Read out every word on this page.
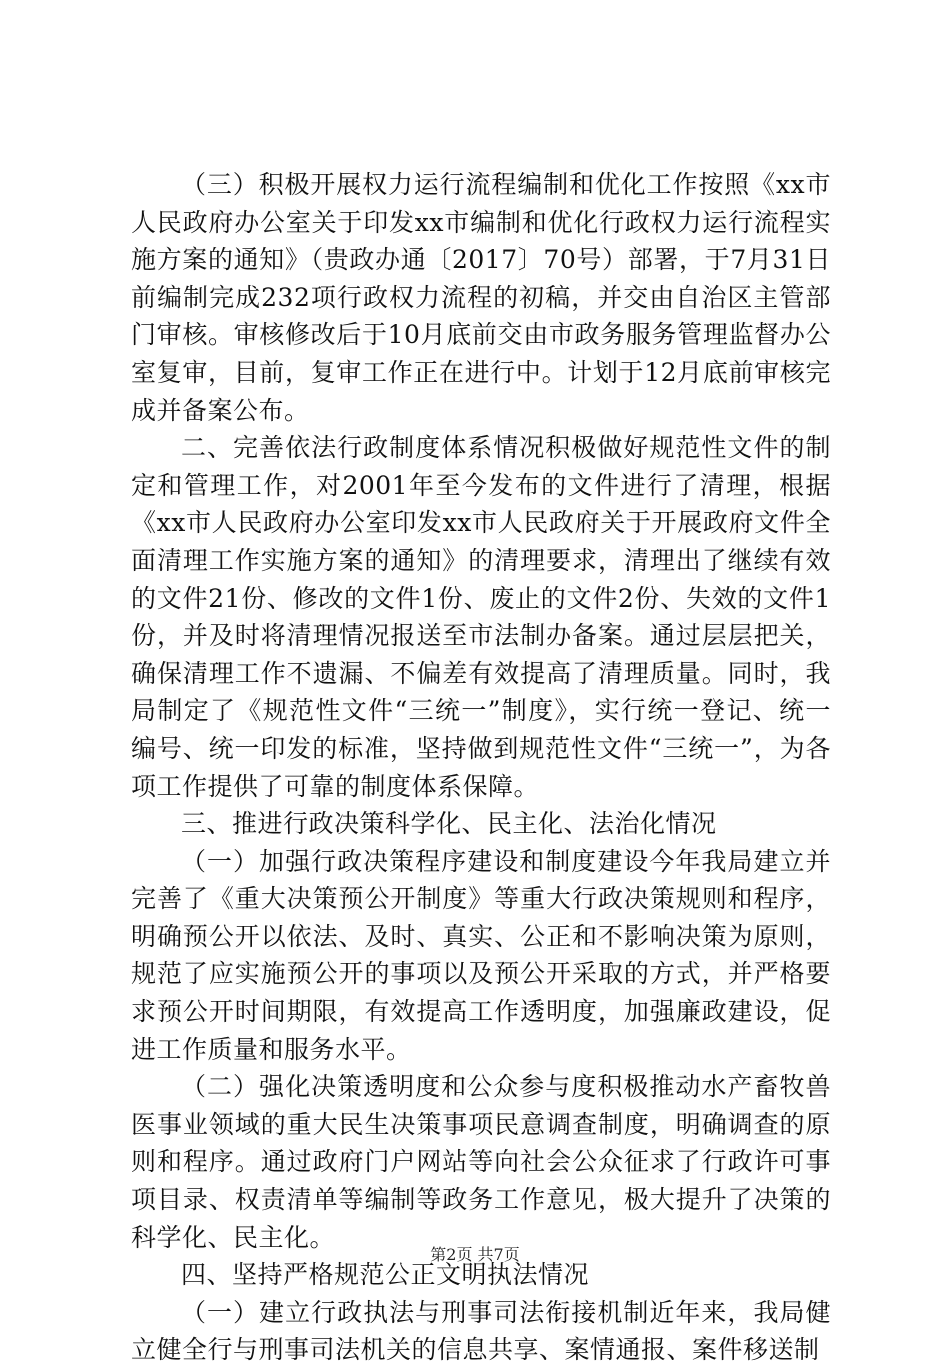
（三）积极开展权力运行流程编制和优化工作按照《xx市人民政府办公室关于印发xx市编制和优化行政权力运行流程实施方案的通知》（贵政办通〔2017〕70号）部署，于7月31日前编制完成232项行政权力流程的初稿，并交由自治区主管部门审核。审核修改后于10月底前交由市政务服务管理监督办公室复审，目前，复审工作正在进行中。计划于12月底前审核完成并备案公布。

二、完善依法行政制度体系情况积极做好规范性文件的制定和管理工作，对2001年至今发布的文件进行了清理，根据《xx市人民政府办公室印发xx市人民政府关于开展政府文件全面清理工作实施方案的通知》的清理要求，清理出了继续有效的文件21份、修改的文件1份、废止的文件2份、失效的文件1份，并及时将清理情况报送至市法制办备案。通过层层把关，确保清理工作不遗漏、不偏差有效提高了清理质量。同时，我局制定了《规范性文件“三统一”制度》，实行统一登记、统一编号、统一印发的标准，坚持做到规范性文件“三统一”，为各项工作提供了可靠的制度体系保障。

三、推进行政决策科学化、民主化、法治化情况

（一）加强行政决策程序建设和制度建设今年我局建立并完善了《重大决策预公开制度》等重大行政决策规则和程序，明确预公开以依法、及时、真实、公正和不影响决策为原则，规范了应实施预公开的事项以及预公开采取的方式，并严格要求预公开时间期限，有效提高工作透明度，加强廉政建设，促进工作质量和服务水平。

（二）强化决策透明度和公众参与度积极推动水产畜牧兽医事业领域的重大民生决策事项民意调查制度，明确调查的原则和程序。通过政府门户网站等向社会公众征求了行政许可事项目录、权责清单等编制等政务工作意见，极大提升了决策的科学化、民主化。

四、坚持严格规范公正文明执法情况

（一）建立行政执法与刑事司法衔接机制近年来，我局健立健全行与刑事司法机关的信息共享、案情通报、案件移送制

第2页 共7页
